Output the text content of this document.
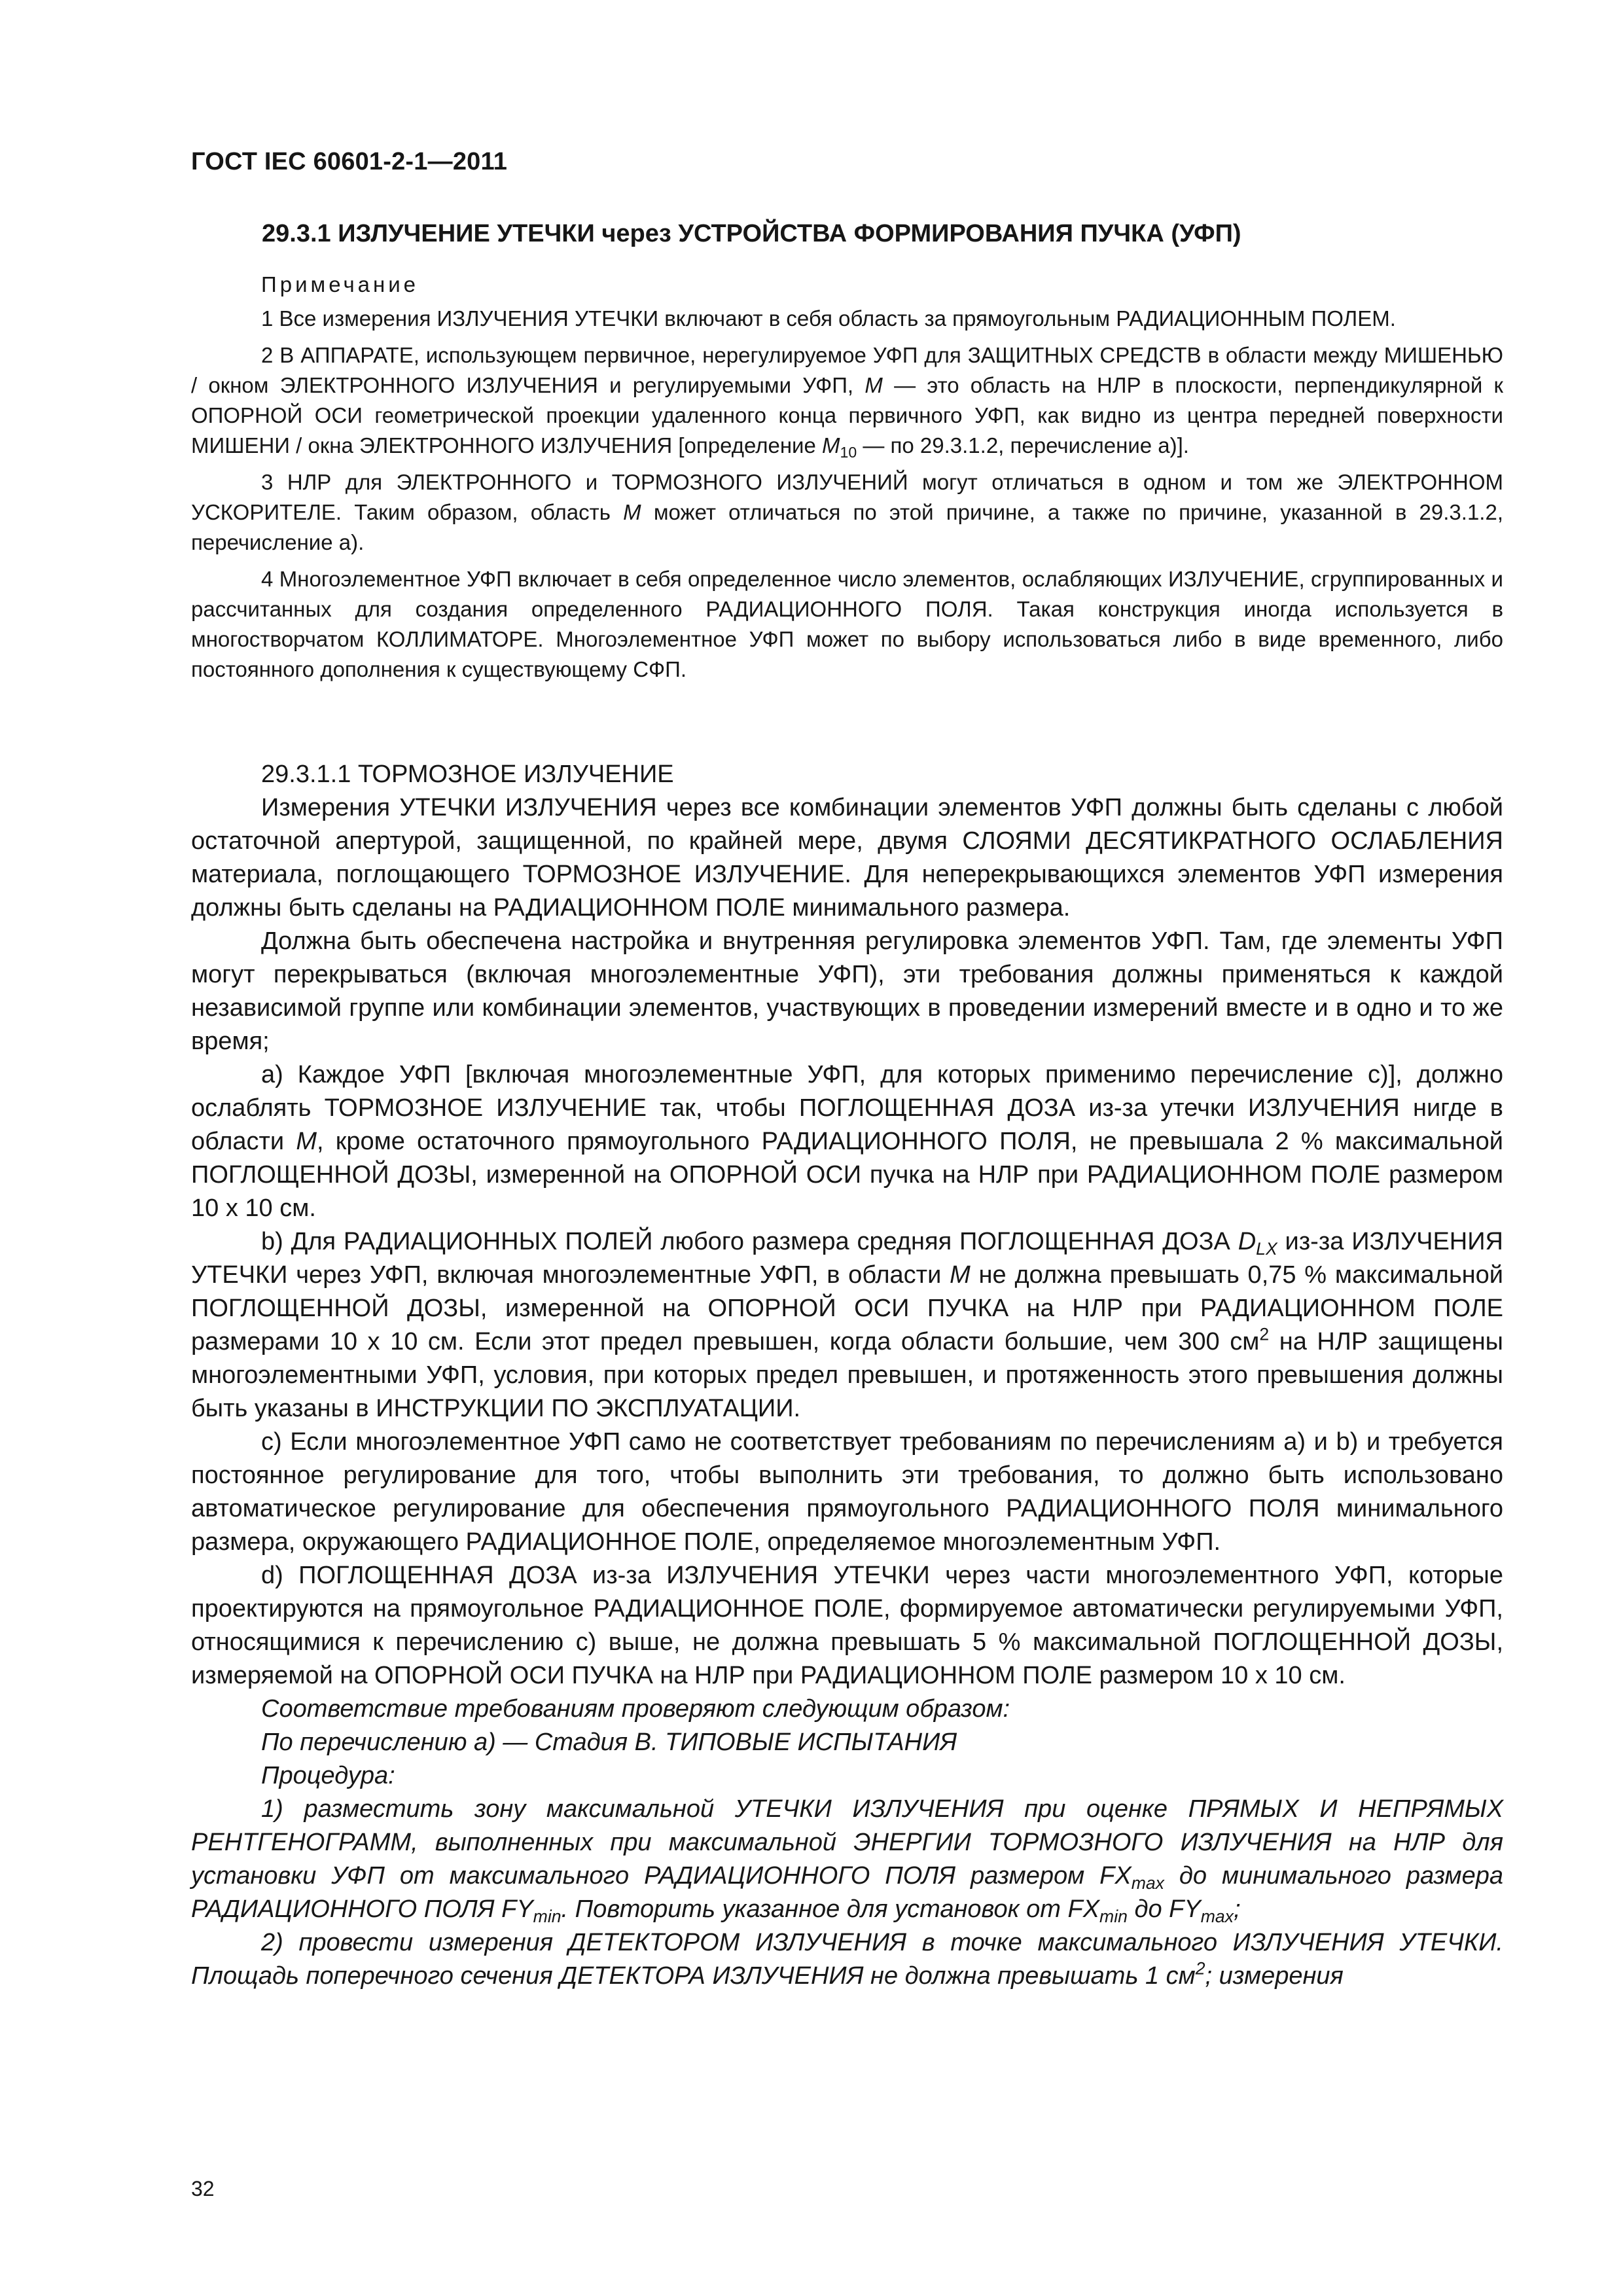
ГОСТ IEC 60601-2-1—2011
29.3.1 ИЗЛУЧЕНИЕ УТЕЧКИ через УСТРОЙСТВА ФОРМИРОВАНИЯ ПУЧКА (УФП)
Примечание

1 Все измерения ИЗЛУЧЕНИЯ УТЕЧКИ включают в себя область за прямоугольным РАДИАЦИОННЫМ ПОЛЕМ.

2 В АППАРАТЕ, использующем первичное, нерегулируемое УФП для ЗАЩИТНЫХ СРЕДСТВ в области между МИШЕНЬЮ / окном ЭЛЕКТРОННОГО ИЗЛУЧЕНИЯ и регулируемыми УФП, M — это область на НЛР в плоскости, перпендикулярной к ОПОРНОЙ ОСИ геометрической проекции удаленного конца первичного УФП, как видно из центра передней поверхности МИШЕНИ / окна ЭЛЕКТРОННОГО ИЗЛУЧЕНИЯ [определение $M_{10}$ — по 29.3.1.2, перечисление a)].

3 НЛР для ЭЛЕКТРОННОГО и ТОРМОЗНОГО ИЗЛУЧЕНИЙ могут отличаться в одном и том же ЭЛЕКТРОННОМ УСКОРИТЕЛЕ. Таким образом, область M может отличаться по этой причине, а также по причине, указанной в 29.3.1.2, перечисление a).

4 Многоэлементное УФП включает в себя определенное число элементов, ослабляющих ИЗЛУЧЕНИЕ, сгруппированных и рассчитанных для создания определенного РАДИАЦИОННОГО ПОЛЯ. Такая конструкция иногда используется в многостворчатом КОЛЛИМАТОРЕ. Многоэлементное УФП может по выбору использоваться либо в виде временного, либо постоянного дополнения к существующему СФП.

29.3.1.1 ТОРМОЗНОЕ ИЗЛУЧЕНИЕ

Измерения УТЕЧКИ ИЗЛУЧЕНИЯ через все комбинации элементов УФП должны быть сделаны с любой остаточной апертурой, защищенной, по крайней мере, двумя СЛОЯМИ ДЕСЯТИКРАТНОГО ОСЛАБЛЕНИЯ материала, поглощающего ТОРМОЗНОЕ ИЗЛУЧЕНИЕ. Для неперекрывающихся элементов УФП измерения должны быть сделаны на РАДИАЦИОННОМ ПОЛЕ минимального размера.

Должна быть обеспечена настройка и внутренняя регулировка элементов УФП. Там, где элементы УФП могут перекрываться (включая многоэлементные УФП), эти требования должны применяться к каждой независимой группе или комбинации элементов, участвующих в проведении измерений вместе и в одно и то же время;

a) Каждое УФП [включая многоэлементные УФП, для которых применимо перечисление c)], должно ослаблять ТОРМОЗНОЕ ИЗЛУЧЕНИЕ так, чтобы ПОГЛОЩЕННАЯ ДОЗА из-за утечки ИЗЛУЧЕНИЯ нигде в области M, кроме остаточного прямоугольного РАДИАЦИОННОГО ПОЛЯ, не превышала 2 % максимальной ПОГЛОЩЕННОЙ ДОЗЫ, измеренной на ОПОРНОЙ ОСИ пучка на НЛР при РАДИАЦИОННОМ ПОЛЕ размером 10 x 10 см.

b) Для РАДИАЦИОННЫХ ПОЛЕЙ любого размера средняя ПОГЛОЩЕННАЯ ДОЗА $D_{LX}$ из-за ИЗЛУЧЕНИЯ УТЕЧКИ через УФП, включая многоэлементные УФП, в области M не должна превышать 0,75 % максимальной ПОГЛОЩЕННОЙ ДОЗЫ, измеренной на ОПОРНОЙ ОСИ ПУЧКА на НЛР при РАДИАЦИОННОМ ПОЛЕ размерами 10 x 10 см. Если этот предел превышен, когда области большие, чем 300 $см^2$ на НЛР защищены многоэлементными УФП, условия, при которых предел превышен, и протяженность этого превышения должны быть указаны в ИНСТРУКЦИИ ПО ЭКСПЛУАТАЦИИ.

c) Если многоэлементное УФП само не соответствует требованиям по перечислениям a) и b) и требуется постоянное регулирование для того, чтобы выполнить эти требования, то должно быть использовано автоматическое регулирование для обеспечения прямоугольного РАДИАЦИОННОГО ПОЛЯ минимального размера, окружающего РАДИАЦИОННОЕ ПОЛЕ, определяемое многоэлементным УФП.

d) ПОГЛОЩЕННАЯ ДОЗА из-за ИЗЛУЧЕНИЯ УТЕЧКИ через части многоэлементного УФП, которые проектируются на прямоугольное РАДИАЦИОННОЕ ПОЛЕ, формируемое автоматически регулируемыми УФП, относящимися к перечислению c) выше, не должна превышать 5 % максимальной ПОГЛОЩЕННОЙ ДОЗЫ, измеряемой на ОПОРНОЙ ОСИ ПУЧКА на НЛР при РАДИАЦИОННОМ ПОЛЕ размером 10 x 10 см.

Соответствие требованиям проверяют следующим образом:

По перечислению a) — Стадия B. ТИПОВЫЕ ИСПЫТАНИЯ

Процедура:

1) разместить зону максимальной УТЕЧКИ ИЗЛУЧЕНИЯ при оценке ПРЯМЫХ И НЕПРЯМЫХ РЕНТГЕНОГРАММ, выполненных при максимальной ЭНЕРГИИ ТОРМОЗНОГО ИЗЛУЧЕНИЯ на НЛР для установки УФП от максимального РАДИАЦИОННОГО ПОЛЯ размером $FX_{max}$ до минимального размера РАДИАЦИОННОГО ПОЛЯ $FY_{min}$. Повторить указанное для установок от $FX_{min}$ до $FY_{max}$;

2) провести измерения ДЕТЕКТОРОМ ИЗЛУЧЕНИЯ в точке максимального ИЗЛУЧЕНИЯ УТЕЧКИ. Площадь поперечного сечения ДЕТЕКТОРА ИЗЛУЧЕНИЯ не должна превышать 1 $см^2$; измерения

32
